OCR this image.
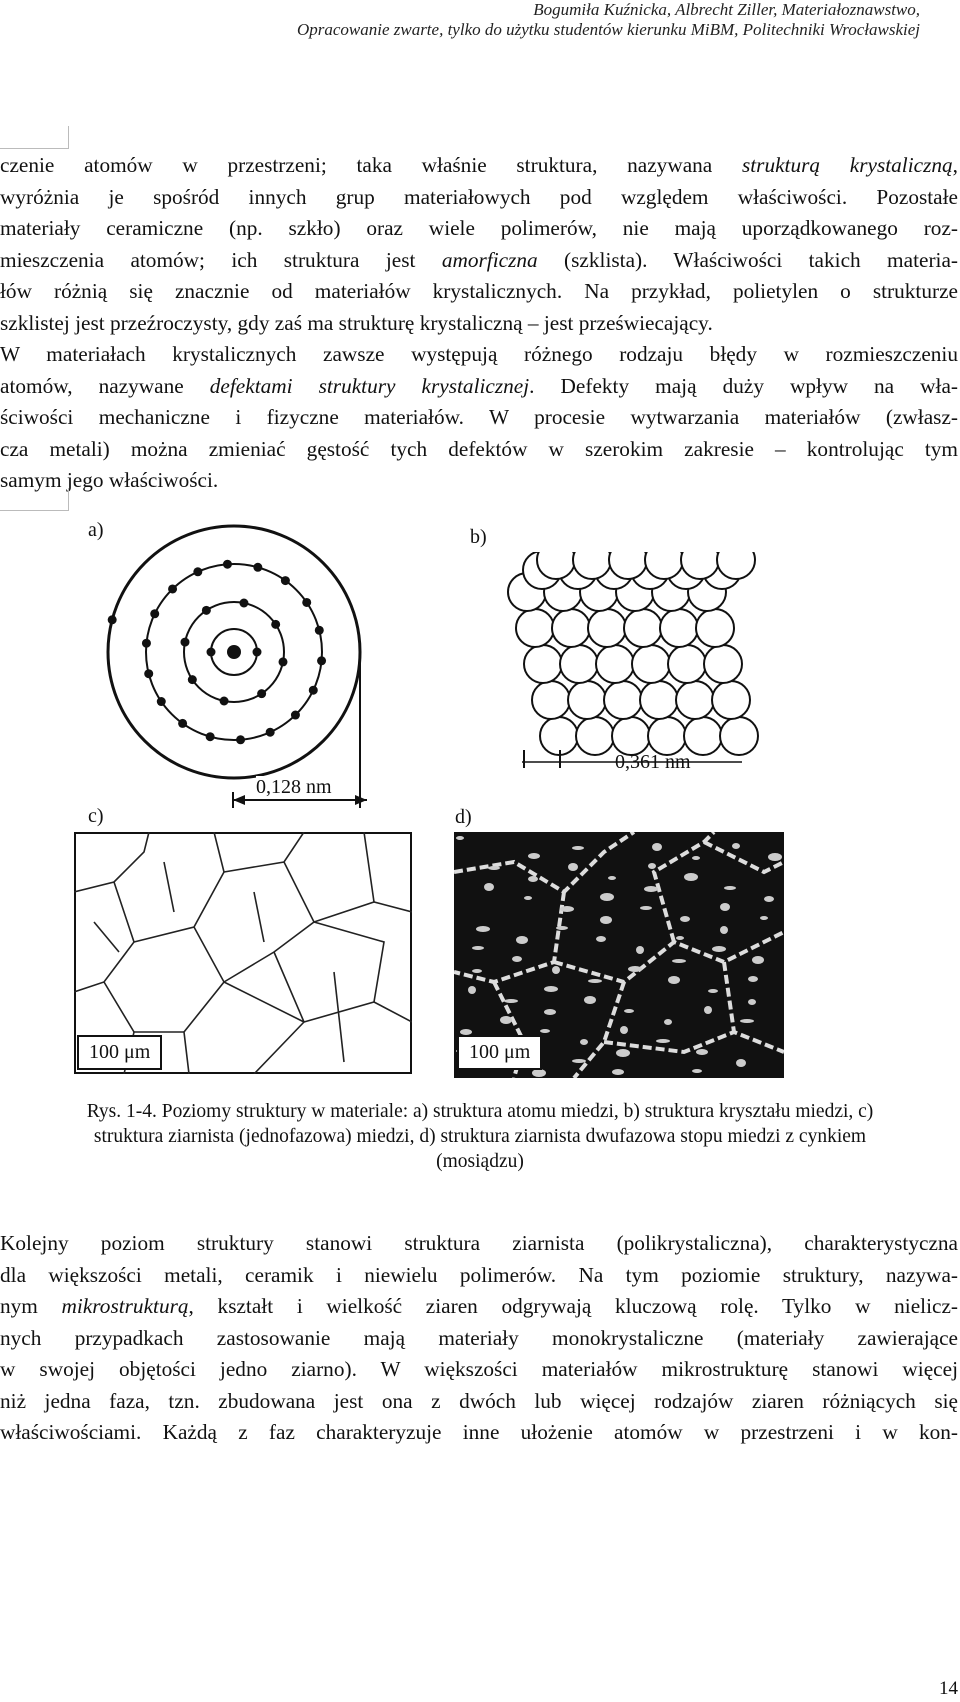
Bogumiła Kuźnicka, Albrecht Ziller, Materiałoznawstwo,
Opracowanie zwarte, tylko do użytku studentów kierunku MiBM, Politechniki Wrocławskiej
czenie atomów w przestrzeni; taka właśnie struktura, nazywana strukturą krystaliczną,
wyróżnia je spośród innych grup materiałowych pod względem właściwości. Pozostałe
materiały ceramiczne (np. szkło) oraz wiele polimerów, nie mają uporządkowanego roz-
mieszczenia atomów; ich struktura jest amorficzna (szklista). Właściwości takich materia-
łów różnią się znacznie od materiałów krystalicznych. Na przykład, polietylen o strukturze
szklistej jest przeźroczysty, gdy zaś ma strukturę krystaliczną – jest przeświecający.
W materiałach krystalicznych zawsze występują różnego rodzaju błędy w rozmieszczeniu
atomów, nazywane defektami struktury krystalicznej. Defekty mają duży wpływ na wła-
ściwości mechaniczne i fizyczne materiałów. W procesie wytwarzania materiałów (zwłasz-
cza metali) można zmieniać gęstość tych defektów w szerokim zakresie – kontrolując tym
samym jego właściwości.
a)
0,128 nm
b)
0,361 nm
c)
100 μm
d)
100 μm
Rys. 1-4. Poziomy struktury w materiale: a) struktura atomu miedzi, b) struktura kryształu miedzi, c)
struktura ziarnista (jednofazowa) miedzi, d) struktura ziarnista dwufazowa stopu miedzi z cynkiem
(mosiądzu)
Kolejny poziom struktury stanowi struktura ziarnista (polikrystaliczna), charakterystyczna
dla większości metali, ceramik i niewielu polimerów. Na tym poziomie struktury, nazywa-
nym mikrostrukturą, kształt i wielkość ziaren odgrywają kluczową rolę. Tylko w nielicz-
nych przypadkach zastosowanie mają materiały monokrystaliczne (materiały zawierające
w swojej objętości jedno ziarno). W większości materiałów mikrostrukturę stanowi więcej
niż jedna faza, tzn. zbudowana jest ona z dwóch lub więcej rodzajów ziaren różniących się
właściwościami. Każdą z faz charakteryzuje inne ułożenie atomów w przestrzeni i w kon-
14
